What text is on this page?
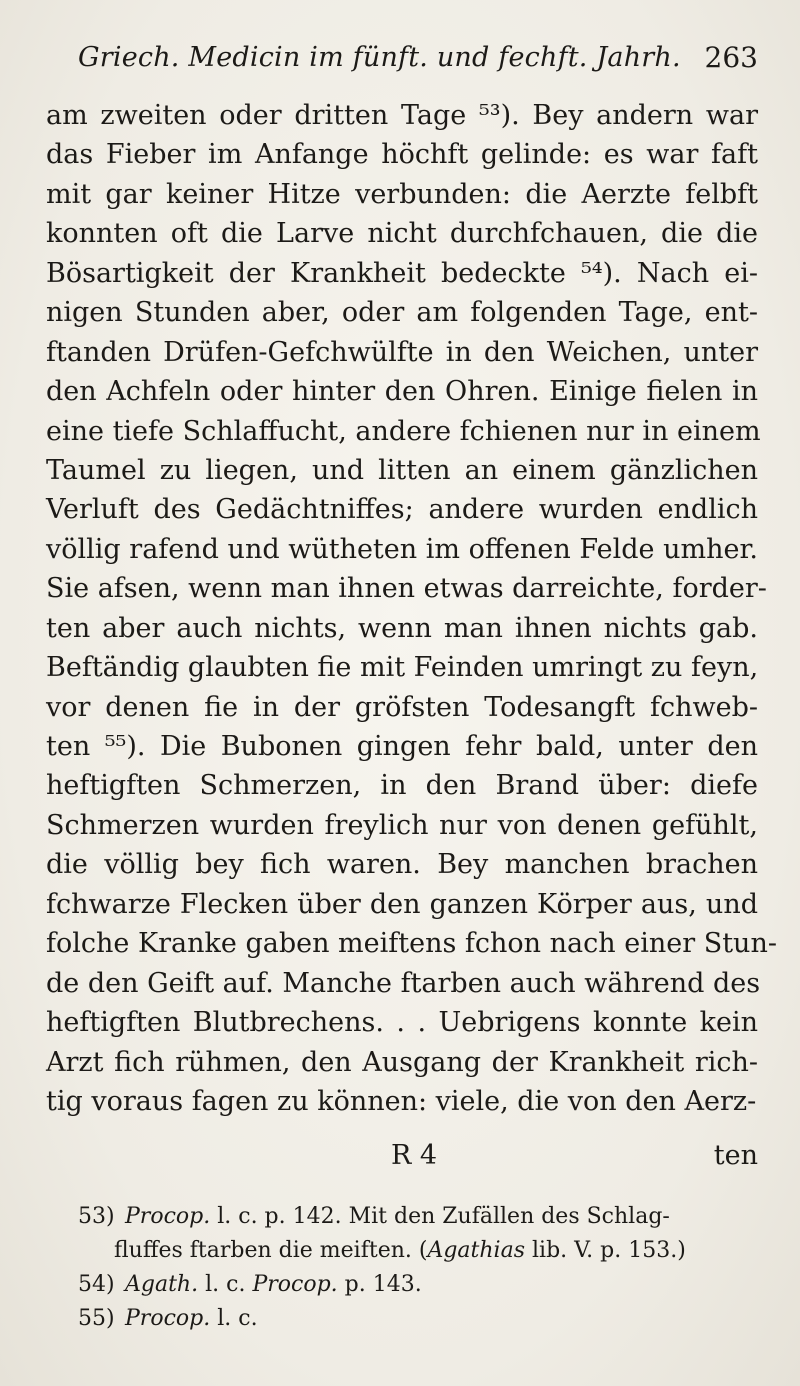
Griech. Medicin im fünft. und fechft. Jahrh. 263
am zweiten oder dritten Tage ⁵³). Bey andern war
das Fieber im Anfange höchft gelinde: es war faft
mit gar keiner Hitze verbunden: die Aerzte felbft
konnten oft die Larve nicht durchfchauen, die die
Bösartigkeit der Krankheit bedeckte ⁵⁴). Nach ei-
nigen Stunden aber, oder am folgenden Tage, ent-
ftanden Drüfen-Gefchwülfte in den Weichen, unter
den Achfeln oder hinter den Ohren. Einige fielen in
eine tiefe Schlaffucht, andere fchienen nur in einem
Taumel zu liegen, und litten an einem gänzlichen
Verluft des Gedächtniffes; andere wurden endlich
völlig rafend und wütheten im offenen Felde umher.
Sie afsen, wenn man ihnen etwas darreichte, forder-
ten aber auch nichts, wenn man ihnen nichts gab.
Beftändig glaubten fie mit Feinden umringt zu feyn,
vor denen fie in der gröfsten Todesangft fchweb-
ten ⁵⁵). Die Bubonen gingen fehr bald, unter den
heftigften Schmerzen, in den Brand über: diefe
Schmerzen wurden freylich nur von denen gefühlt,
die völlig bey fich waren. Bey manchen brachen
fchwarze Flecken über den ganzen Körper aus, und
folche Kranke gaben meiftens fchon nach einer Stun-
de den Geift auf. Manche ftarben auch während des
heftigften Blutbrechens. . . Uebrigens konnte kein
Arzt fich rühmen, den Ausgang der Krankheit rich-
tig voraus fagen zu können: viele, die von den Aerz-
R 4	ten
53) Procop. l. c. p. 142. Mit den Zufällen des Schlag-
fluffes ftarben die meiften. (Agathias lib. V. p. 153.)
54) Agath. l. c. Procop. p. 143.
55) Procop. l. c.
